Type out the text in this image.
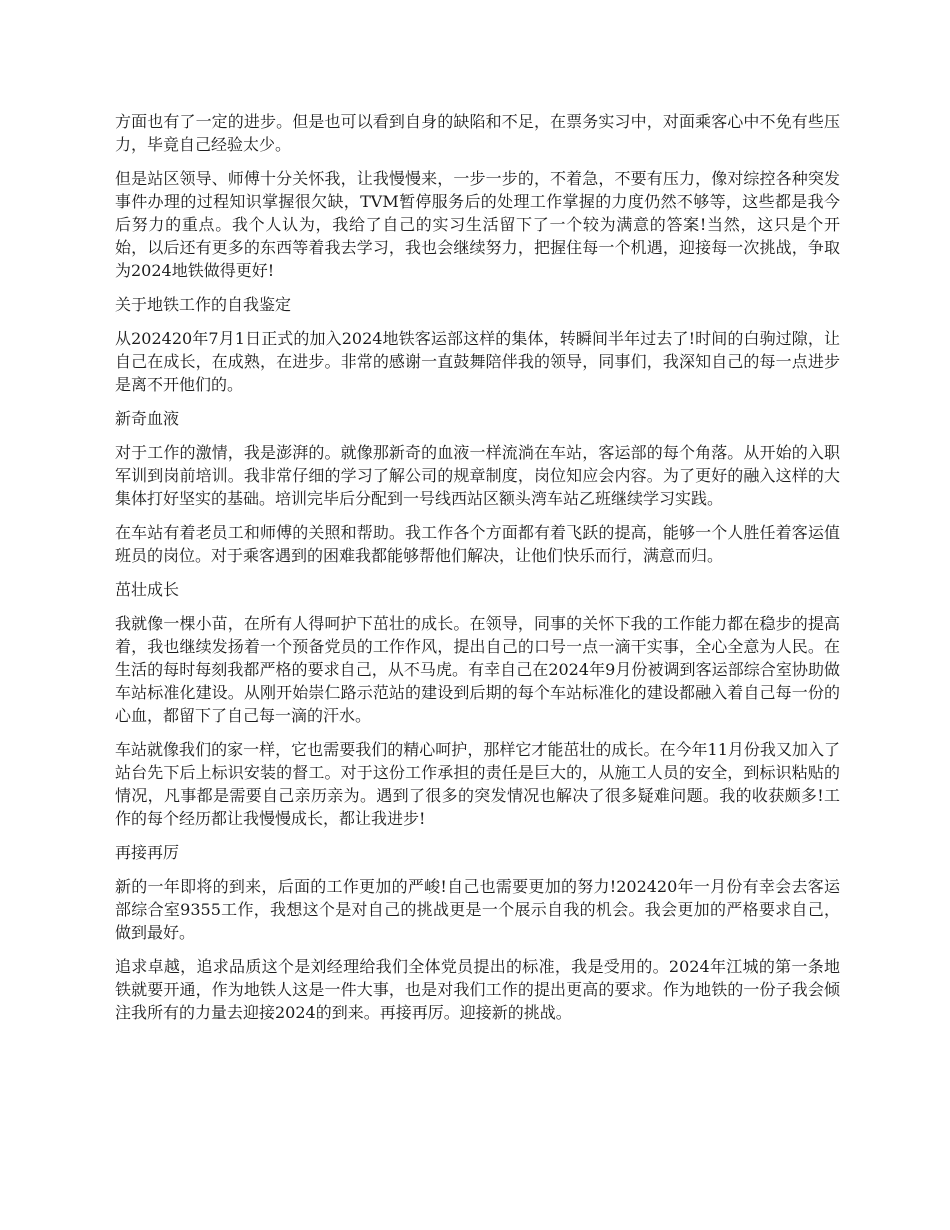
方面也有了一定的进步。但是也可以看到自身的缺陷和不足，在票务实习中，对面乘客心中不免有些压力，毕竟自己经验太少。

但是站区领导、师傅十分关怀我，让我慢慢来，一步一步的，不着急，不要有压力，像对综控各种突发事件办理的过程知识掌握很欠缺，TVM暂停服务后的处理工作掌握的力度仍然不够等，这些都是我今后努力的重点。我个人认为，我给了自己的实习生活留下了一个较为满意的答案!当然，这只是个开始，以后还有更多的东西等着我去学习，我也会继续努力，把握住每一个机遇，迎接每一次挑战，争取为2024地铁做得更好!

关于地铁工作的自我鉴定

从202420年7月1日正式的加入2024地铁客运部这样的集体，转瞬间半年过去了!时间的白驹过隙，让自己在成长，在成熟，在进步。非常的感谢一直鼓舞陪伴我的领导，同事们，我深知自己的每一点进步是离不开他们的。

新奇血液

对于工作的激情，我是澎湃的。就像那新奇的血液一样流淌在车站，客运部的每个角落。从开始的入职军训到岗前培训。我非常仔细的学习了解公司的规章制度，岗位知应会内容。为了更好的融入这样的大集体打好坚实的基础。培训完毕后分配到一号线西站区额头湾车站乙班继续学习实践。

在车站有着老员工和师傅的关照和帮助。我工作各个方面都有着飞跃的提高，能够一个人胜任着客运值班员的岗位。对于乘客遇到的困难我都能够帮他们解决，让他们快乐而行，满意而归。

茁壮成长

我就像一棵小苗，在所有人得呵护下茁壮的成长。在领导，同事的关怀下我的工作能力都在稳步的提高着，我也继续发扬着一个预备党员的工作作风，提出自己的口号一点一滴干实事，全心全意为人民。在生活的每时每刻我都严格的要求自己，从不马虎。有幸自己在2024年9月份被调到客运部综合室协助做车站标准化建设。从刚开始崇仁路示范站的建设到后期的每个车站标准化的建设都融入着自己每一份的心血，都留下了自己每一滴的汗水。

车站就像我们的家一样，它也需要我们的精心呵护，那样它才能茁壮的成长。在今年11月份我又加入了站台先下后上标识安装的督工。对于这份工作承担的责任是巨大的，从施工人员的安全，到标识粘贴的情况，凡事都是需要自己亲历亲为。遇到了很多的突发情况也解决了很多疑难问题。我的收获颇多!工作的每个经历都让我慢慢成长，都让我进步!

再接再厉

新的一年即将的到来，后面的工作更加的严峻!自己也需要更加的努力!202420年一月份有幸会去客运部综合室9355工作，我想这个是对自己的挑战更是一个展示自我的机会。我会更加的严格要求自己，做到最好。

追求卓越，追求品质这个是刘经理给我们全体党员提出的标准，我是受用的。2024年江城的第一条地铁就要开通，作为地铁人这是一件大事，也是对我们工作的提出更高的要求。作为地铁的一份子我会倾注我所有的力量去迎接2024的到来。再接再厉。迎接新的挑战。
